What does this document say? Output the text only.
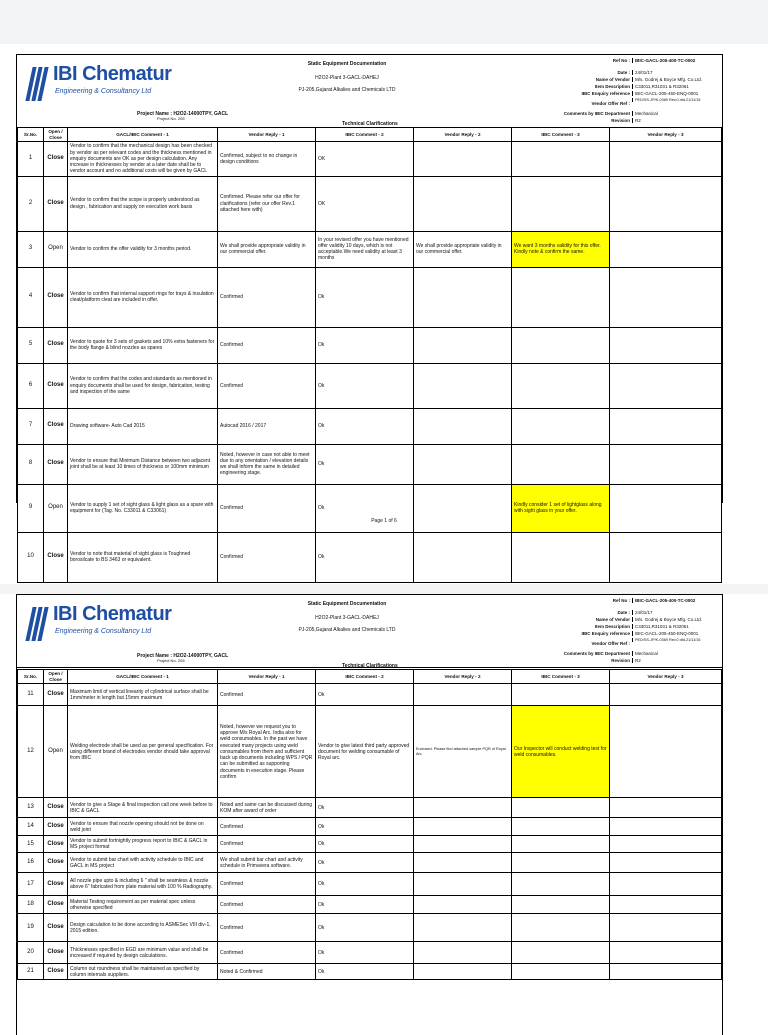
IBI Chematur
Engineering & Consultancy Ltd
Static Equipment Documentation
H2O2-Plant 3-GACL-DAHEJ
PJ-205,Gujarat Alkalies and Chemicals LTD
Ref No :	IBIC-GACL-205-400-TC-0002
Date :	24/01/17
Name of Vendor	M/s. Godrej & Boyce Mfg. Co.Ltd.
Item Description	C33011,R31031 & R32061
IBIC Enquiry reference	IBIC-GACL-205-450-ENQ-0001
Vendor Offer Ref :
PED/SS-JP/K-0369 Rev.0 dtd.21/11/16
Comments by IBIC Department	Mechanical
Revision	R2
Project Name : H2O2-14000TPY, GACL
Project No. 205
Technical Clarifications
Sr.No.	Open / Close	GACL/IBIC Comment - 1	Vendor Reply - 1	IBIC Comment - 2	Vendor Reply - 2	IBIC Comment - 3	Vendor Reply - 3
1	Close	Vendor to confirm that the mechanical design has been checked by vendor as per relevant codes and the thickness mentioned in enquiry documents are OK as per design calculation. Any increase in thicknesses by vendor at a later date shall be to vendor account and no additional costs will be given by GACL	Confirmed, subject to no change in design conditions	OK			
2	Close	Vendor to confirm that the scope is properly understood as design , fabrication and supply on execution work basis	Confirmed. Please refer our offer for clarifications (refer our offer Rev.1 attached here with)	OK			
3	Open	Vendor to confirm the offer validity for 3 months period.	We shall provide appropriate validity in our commercial offer.	In your revised offer you have mentioned offer validity 10 days, which is not acceptable.We need validity at least 3 months	We shall provide appropriate validity in our commercial offer.	We want 3 months validity for this offer. Kindly note & confirm the same.	
4	Close	Vendor to confirm that internal support rings for trays & insulation cleat/platform cleat are included in offer.	Confirmed	Ok			
5	Close	Vendor to quote for 3 sets of gaskets and 10% extra fasteners for the body flange & blind nozzles as spares	Confirmed	Ok			
6	Close	Vendor to confirm that the codes and standards as mentioned in enquiry documents shall be used for design, fabrication, testing and inspection of the same	Confirmed	Ok			
7	Close	Drawing software- Auto Cad 2015	Autocad 2016 / 2017	Ok			
8	Close	Vendor to ensure that Minimum Distance between two adjacent joint shall be at least 10 times of thickness or 100mm minimum	Noted, however in case not able to meet due to any orientation / elevation details we shall inform the same in detailed engineering stage.	Ok			
9	Open	Vendor to supply 1 set of sight glass & light glass as a spare with equipment for (Tag. No. C33011 & C33061)	Confirmed	Ok		Kindly consider 1 set of lightglass along with sight glass in your offer.	
10	Close	Vendor to note that material of sight glass is Toughned borosilcate to BS 3463 or equivalent.	Confirmed	Ok			
Page 1 of 6
IBI Chematur
Engineering & Consultancy Ltd
Static Equipment Documentation
H2O2-Plant 3-GACL-DAHEJ
PJ-205,Gujarat Alkalies and Chemicals LTD
Ref No :	IBIC-GACL-205-400-TC-0002
Date :	24/01/17
Name of Vendor	M/s. Godrej & Boyce Mfg. Co.Ltd.
Item Description	C33011,R31031 & R32061
IBIC Enquiry reference	IBIC-GACL-205-450-ENQ-0001
Vendor Offer Ref :
PED/SS-JP/K-0369 Rev.0 dtd.21/11/16
Comments by IBIC Department	Mechanical
Revision	R2
Project Name : H2O2-14000TPY, GACL
Project No. 205
Technical Clarifications
Sr.No.	Open / Close	GACL/IBIC Comment - 1	Vendor Reply - 1	IBIC Comment - 2	Vendor Reply - 2	IBIC Comment - 3	Vendor Reply - 3
11	Close	Maximum limit of vertical linearity of cylindrical surface shall be 1mm/meter in length but 15mm maximum	Confirmed	Ok			
12	Open	Welding electrode shall be used as per general specification. For using different brand of electrodes vendor should take approval from IBIC	Noted, however we request you to approve M/s Royal Arc. India also for weld consumables. In the past we have executed many projects using weld consumables from them and sufficient back up documents including WPS / PQR can be submitted as supporting documents in execution stage. Please confirm	Vendor to give latest third party approved document for welding consumable of Royal arc.	Enclosed. Please find attached sample PQR of Royal Arc	Our Inspector will conduct welding test for weld consumables.	
13	Close	Vendor to give a Stage & final inspection call one week before to IBIC & GACL	Noted and same can be discussed during KOM after award of order	Ok			
14	Close	Vendor to ensure that nozzle opening should not be done on weld joint	Confirmed	Ok			
15	Close	Vendor to submit fortnightly progress report to IBIC & GACL in MS project format	Confirmed	Ok			
16	Close	Vendor to submit bar chart with activity schedule to IBIC and GACL in MS project	We shall submit bar chart and activity schedule in Primavera software.	Ok			
17	Close	All nozzle pipe upto & including 6 " shall be seamless & nozzle above 6" fabricated from plate material with 100 % Radiography.	Confirmed	Ok			
18	Close	Material Testing requirement as per material spec unless otherwise specified	Confirmed	Ok			
19	Close	Design calculation to be done according to ASMESec VIII div-1, 2015 edition.	Confirmed	Ok			
20	Close	Thicknesses specified in EGD are minimum value and shall be increased if required by design calculations.	Confirmed	Ok			
21	Close	Column out roundness shall be maintained as specified by column internals suppliers.	Noted & Confirmed	Ok			
